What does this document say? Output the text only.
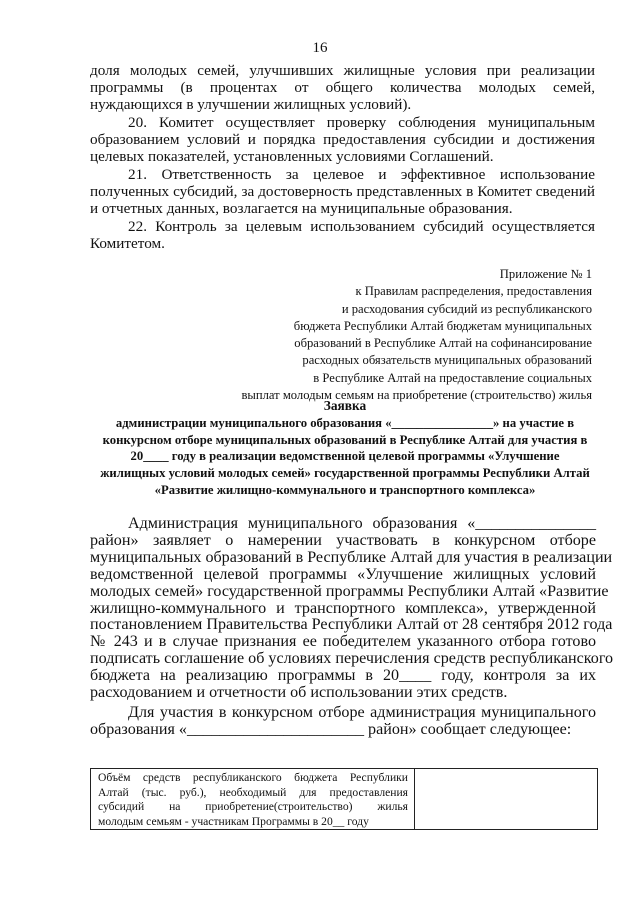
16
доля молодых семей, улучшивших жилищные условия при реализации
программы (в процентах от общего количества молодых семей,
нуждающихся в улучшении жилищных условий).
20. Комитет осуществляет проверку соблюдения муниципальным
образованием условий и порядка предоставления субсидии и достижения
целевых показателей, установленных условиями Соглашений.
21. Ответственность за целевое и эффективное использование
полученных субсидий, за достоверность представленных в Комитет сведений
и отчетных данных, возлагается на муниципальные образования.
22. Контроль за целевым использованием субсидий осуществляется
Комитетом.
Приложение № 1
к Правилам распределения, предоставления
и расходования субсидий из республиканского
бюджета Республики Алтай бюджетам муниципальных
образований в Республике Алтай на софинансирование
расходных обязательств муниципальных образований
в Республике Алтай на предоставление социальных
выплат молодым семьям на приобретение (строительство) жилья
Заявка
администрации муниципального образования «________________» на участие в
конкурсном отборе муниципальных образований в Республике Алтай для участия в
20____ году в реализации ведомственной целевой программы «Улучшение
жилищных условий молодых семей» государственной программы Республики Алтай
«Развитие жилищно-коммунального и транспортного комплекса»
Администрация муниципального образования «_______________
район» заявляет о намерении участвовать в конкурсном отборе
муниципальных образований в Республике Алтай для участия в реализации
ведомственной целевой программы «Улучшение жилищных условий
молодых семей» государственной программы Республики Алтай «Развитие
жилищно-коммунального и транспортного комплекса», утвержденной
постановлением Правительства Республики Алтай от 28 сентября 2012 года
№ 243 и в случае признания ее победителем указанного отбора готово
подписать соглашение об условиях перечисления средств республиканского
бюджета на реализацию программы в 20____ году, контроля за их
расходованием и отчетности об использовании этих средств.
Для участия в конкурсном отборе администрация муниципального
образования «______________________ район» сообщает следующее:
Объём средств республиканского бюджета Республики
Алтай (тыс. руб.), необходимый для предоставления
субсидий на приобретение(строительство) жилья
молодым семьям - участникам Программы в 20__ году
